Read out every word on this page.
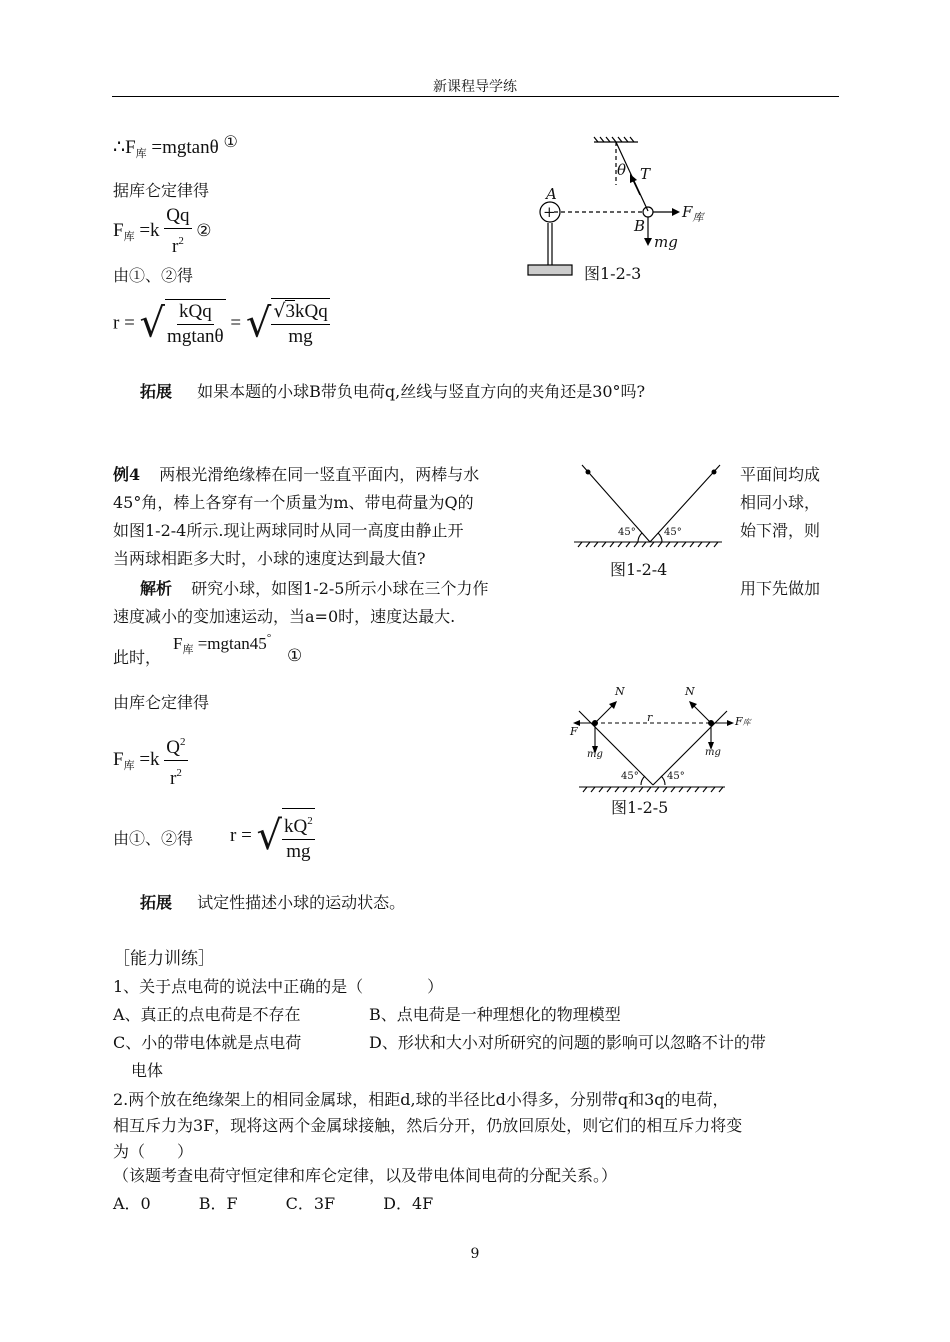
新课程导学练
$\therefore F_库 =mgtan\theta$ ①
据库仑定律得
$F_库 =k \frac{Qq}{r^2}$ ②
由①、②得
r = √ $\frac{\text{kQq}}{mgtan\theta}$ = √ $\frac{\text{√3kQq}}{mg}$
拓展 如果本题的小球B带负电荷q,丝线与竖直方向的夹角还是30°吗?
+
A
B
T
θ
$F_库$
mg
图1-2-3
例4 两根光滑绝缘棒在同一竖直平面内，两棒与水	平面间均成
45°角，棒上各穿有一个质量为m、带电荷量为Q的	相同小球，
如图1-2-4所示.现让两球同时从同一高度由静止开	始下滑，则
当两球相距多大时，小球的速度达到最大值?
解析 研究小球，如图1-2-5所示小球在三个力作	用下先做加
速度减小的变加速运动，当a=0时，速度达最大.
此时，
$F_库 =mgtan45^\circ$
①
由库仑定律得
$F_库 =k \frac{Q^2}{r^2}$
由①、②得 r = √ $\frac{kQ^2}{mg}$
拓展 试定性描述小球的运动状态。
45°	45°
图1-2-4
N	N
F
r
mg	mg
F库
45°	45°
图1-2-5
［能力训练］
1、关于点电荷的说法中正确的是（　　　　）
A、真正的点电荷是不存在	B、点电荷是一种理想化的物理模型
C、小的带电体就是点电荷	D、形状和大小对所研究的问题的影响可以忽略不计的带
电体
2.两个放在绝缘架上的相同金属球，相距d,球的半径比d小得多，分别带q和3q的电荷，
相互斥力为3F，现将这两个金属球接触，然后分开，仍放回原处，则它们的相互斥力将变
为（　　）
（该题考查电荷守恒定律和库仑定律，以及带电体间电荷的分配关系。）
A．0　　　B．F　　　C．3F　　　D．4F
9
